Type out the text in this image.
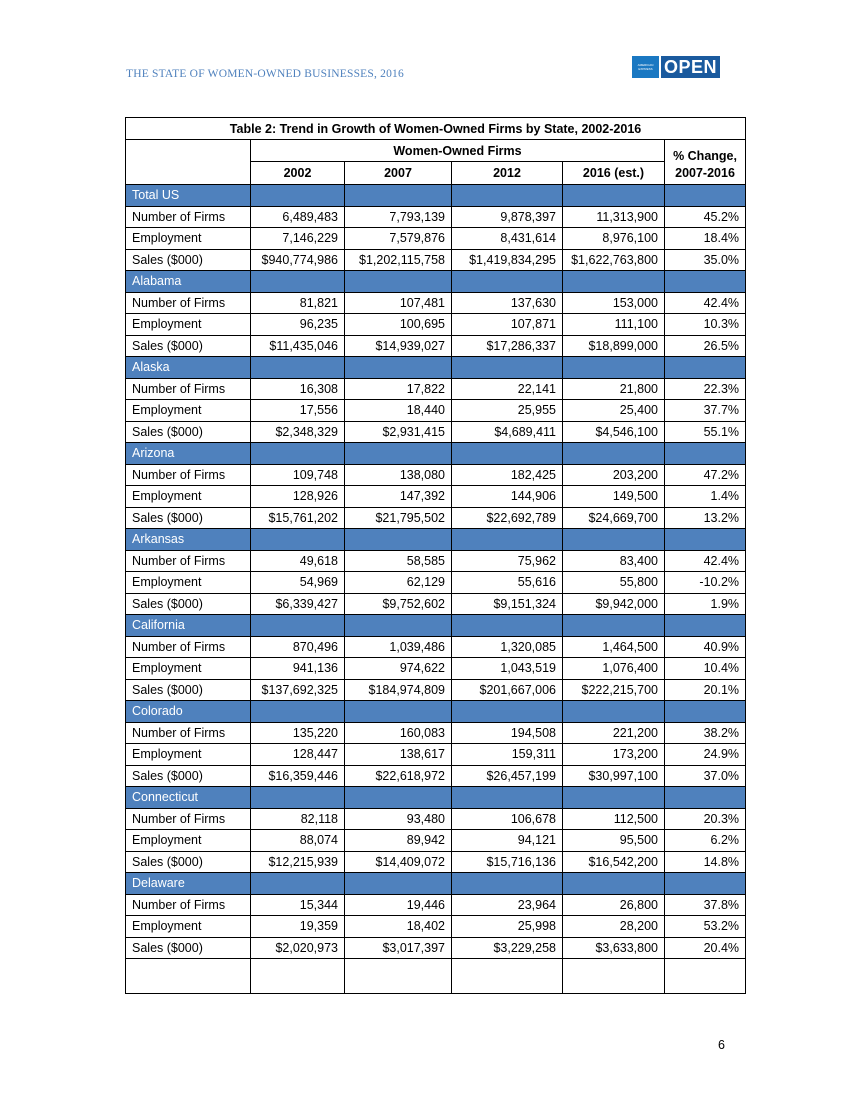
THE STATE OF WOMEN-OWNED BUSINESSES, 2016
AMERICAN EXPRESS OPEN
Table 2: Trend in Growth of Women-Owned Firms by State, 2002-2016					
	Women-Owned Firms				% Change, 2007-2016
	2002	2007	2012	2016 (est.)	
Total US					
Number of Firms	6,489,483	7,793,139	9,878,397	11,313,900	45.2%
Employment	7,146,229	7,579,876	8,431,614	8,976,100	18.4%
Sales ($000)	$940,774,986	$1,202,115,758	$1,419,834,295	$1,622,763,800	35.0%
Alabama					
Number of Firms	81,821	107,481	137,630	153,000	42.4%
Employment	96,235	100,695	107,871	111,100	10.3%
Sales ($000)	$11,435,046	$14,939,027	$17,286,337	$18,899,000	26.5%
Alaska					
Number of Firms	16,308	17,822	22,141	21,800	22.3%
Employment	17,556	18,440	25,955	25,400	37.7%
Sales ($000)	$2,348,329	$2,931,415	$4,689,411	$4,546,100	55.1%
Arizona					
Number of Firms	109,748	138,080	182,425	203,200	47.2%
Employment	128,926	147,392	144,906	149,500	1.4%
Sales ($000)	$15,761,202	$21,795,502	$22,692,789	$24,669,700	13.2%
Arkansas					
Number of Firms	49,618	58,585	75,962	83,400	42.4%
Employment	54,969	62,129	55,616	55,800	-10.2%
Sales ($000)	$6,339,427	$9,752,602	$9,151,324	$9,942,000	1.9%
California					
Number of Firms	870,496	1,039,486	1,320,085	1,464,500	40.9%
Employment	941,136	974,622	1,043,519	1,076,400	10.4%
Sales ($000)	$137,692,325	$184,974,809	$201,667,006	$222,215,700	20.1%
Colorado					
Number of Firms	135,220	160,083	194,508	221,200	38.2%
Employment	128,447	138,617	159,311	173,200	24.9%
Sales ($000)	$16,359,446	$22,618,972	$26,457,199	$30,997,100	37.0%
Connecticut					
Number of Firms	82,118	93,480	106,678	112,500	20.3%
Employment	88,074	89,942	94,121	95,500	6.2%
Sales ($000)	$12,215,939	$14,409,072	$15,716,136	$16,542,200	14.8%
Delaware					
Number of Firms	15,344	19,446	23,964	26,800	37.8%
Employment	19,359	18,402	25,998	28,200	53.2%
Sales ($000)	$2,020,973	$3,017,397	$3,229,258	$3,633,800	20.4%

6
